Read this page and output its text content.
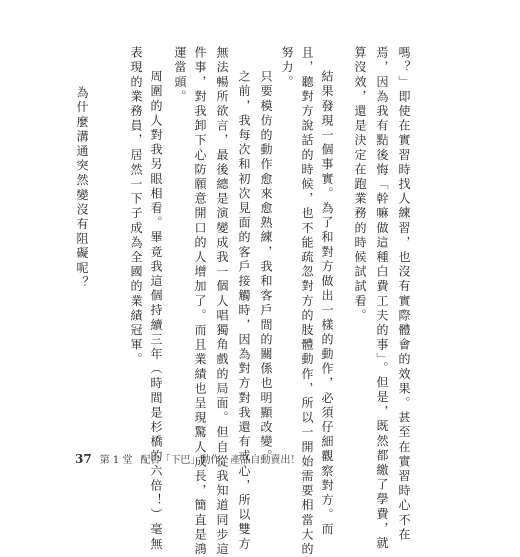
嗎？」即使在實習時找人練習，也沒有實際體會的效果。甚至在實習時心不在
焉，因為我有點後悔「幹嘛做這種白費工夫的事」。但是，既然都繳了學費，就
算沒效，還是決定在跑業務的時候試試看。
結果發現一個事實。為了和對方做出一樣的動作，必須仔細觀察對方。而
且，聽對方說話的時候，也不能疏忽對方的肢體動作，所以一開始需要相當大的
努力。
只要模仿的動作愈來愈熟練，我和客戶間的關係也明顯改變。
之前，我每次和初次見面的客戶接觸時，因為對方對我還有戒心，所以雙方
無法暢所欲言，最後總是演變成我一個人唱獨角戲的局面。但自從我知道同步這
件事，對我卸下心防願意開口的人增加了。而且業績也呈現驚人成長，簡直是鴻
運當頭。
周圍的人對我另眼相看。畢竟我這個持續三年（時間是杉橋的六倍！）毫無
表現的業務員，居然一下子成為全國的業績冠軍。
為什麼溝通突然變沒有阻礙呢？
37 第 1 堂 配合「下巴」動作，產品自動賣出！
